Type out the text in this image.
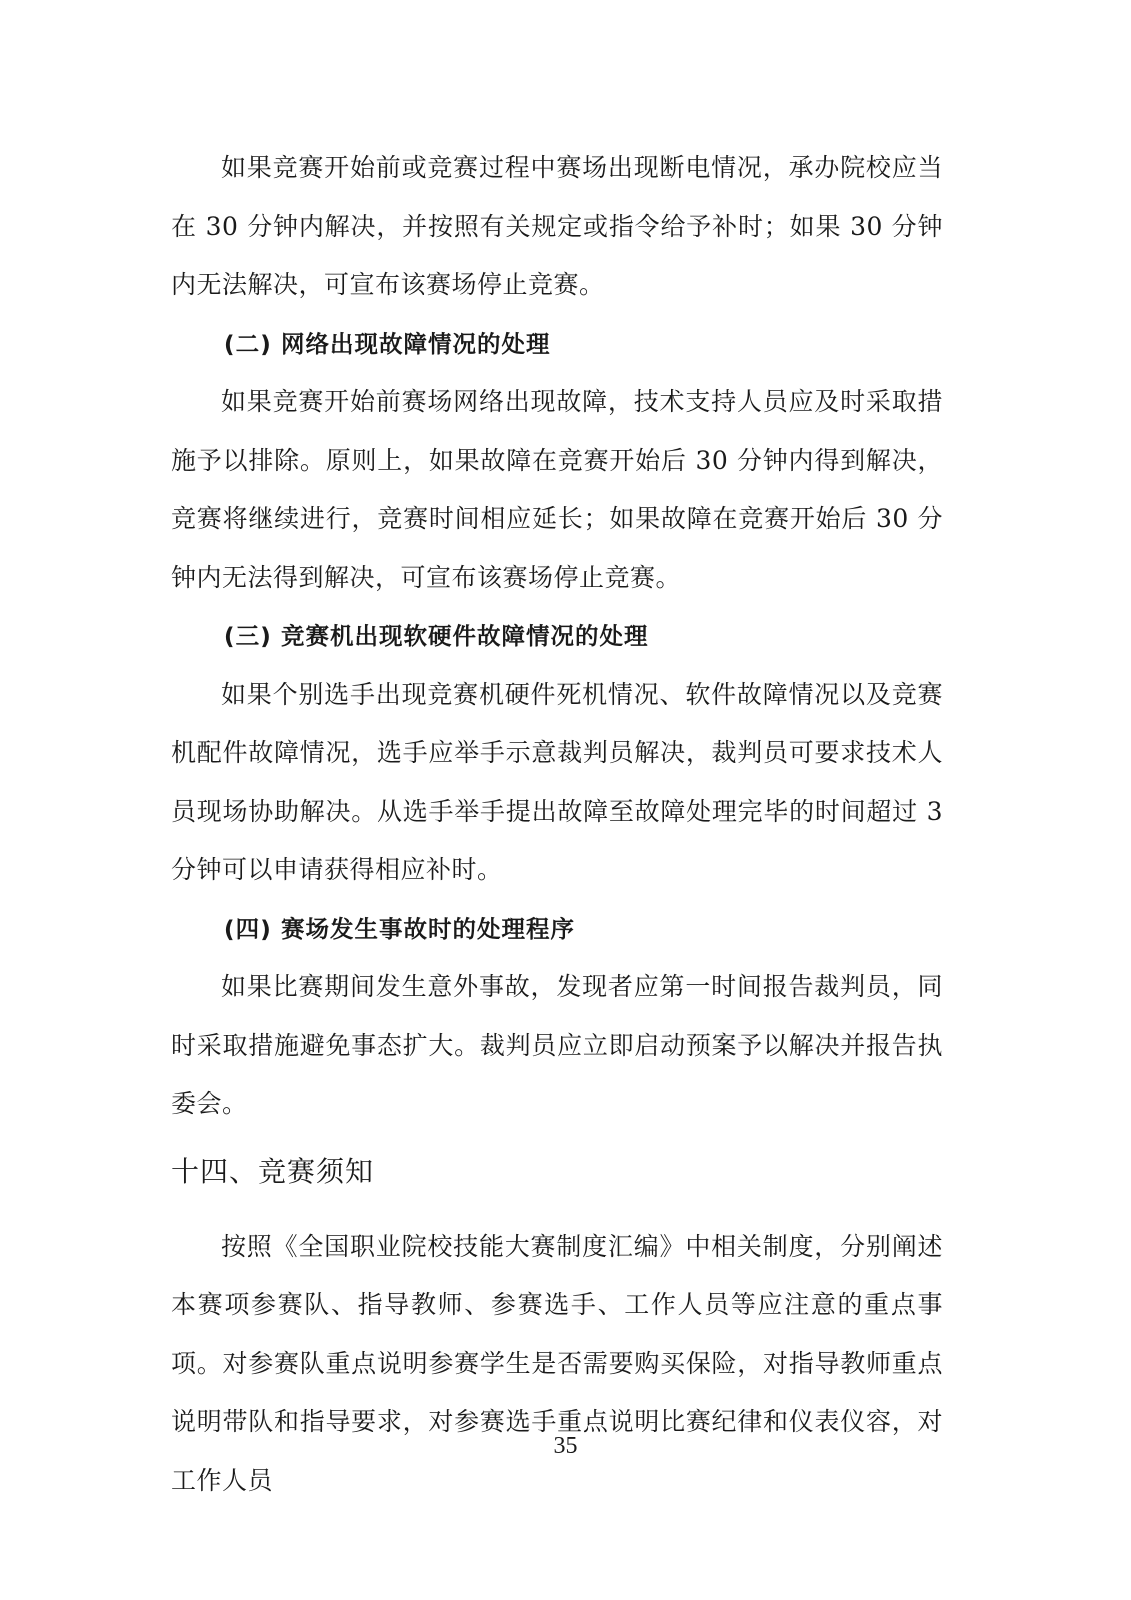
如果竞赛开始前或竞赛过程中赛场出现断电情况，承办院校应当在 30 分钟内解决，并按照有关规定或指令给予补时；如果 30 分钟内无法解决，可宣布该赛场停止竞赛。

(二) 网络出现故障情况的处理

如果竞赛开始前赛场网络出现故障，技术支持人员应及时采取措施予以排除。原则上，如果故障在竞赛开始后 30 分钟内得到解决，竞赛将继续进行，竞赛时间相应延长；如果故障在竞赛开始后 30 分钟内无法得到解决，可宣布该赛场停止竞赛。

(三) 竞赛机出现软硬件故障情况的处理

如果个别选手出现竞赛机硬件死机情况、软件故障情况以及竞赛机配件故障情况，选手应举手示意裁判员解决，裁判员可要求技术人员现场协助解决。从选手举手提出故障至故障处理完毕的时间超过 3 分钟可以申请获得相应补时。

(四) 赛场发生事故时的处理程序

如果比赛期间发生意外事故，发现者应第一时间报告裁判员，同时采取措施避免事态扩大。裁判员应立即启动预案予以解决并报告执委会。

十四、竞赛须知

按照《全国职业院校技能大赛制度汇编》中相关制度，分别阐述本赛项参赛队、指导教师、参赛选手、工作人员等应注意的重点事项。对参赛队重点说明参赛学生是否需要购买保险，对指导教师重点说明带队和指导要求，对参赛选手重点说明比赛纪律和仪表仪容，对工作人员

35
